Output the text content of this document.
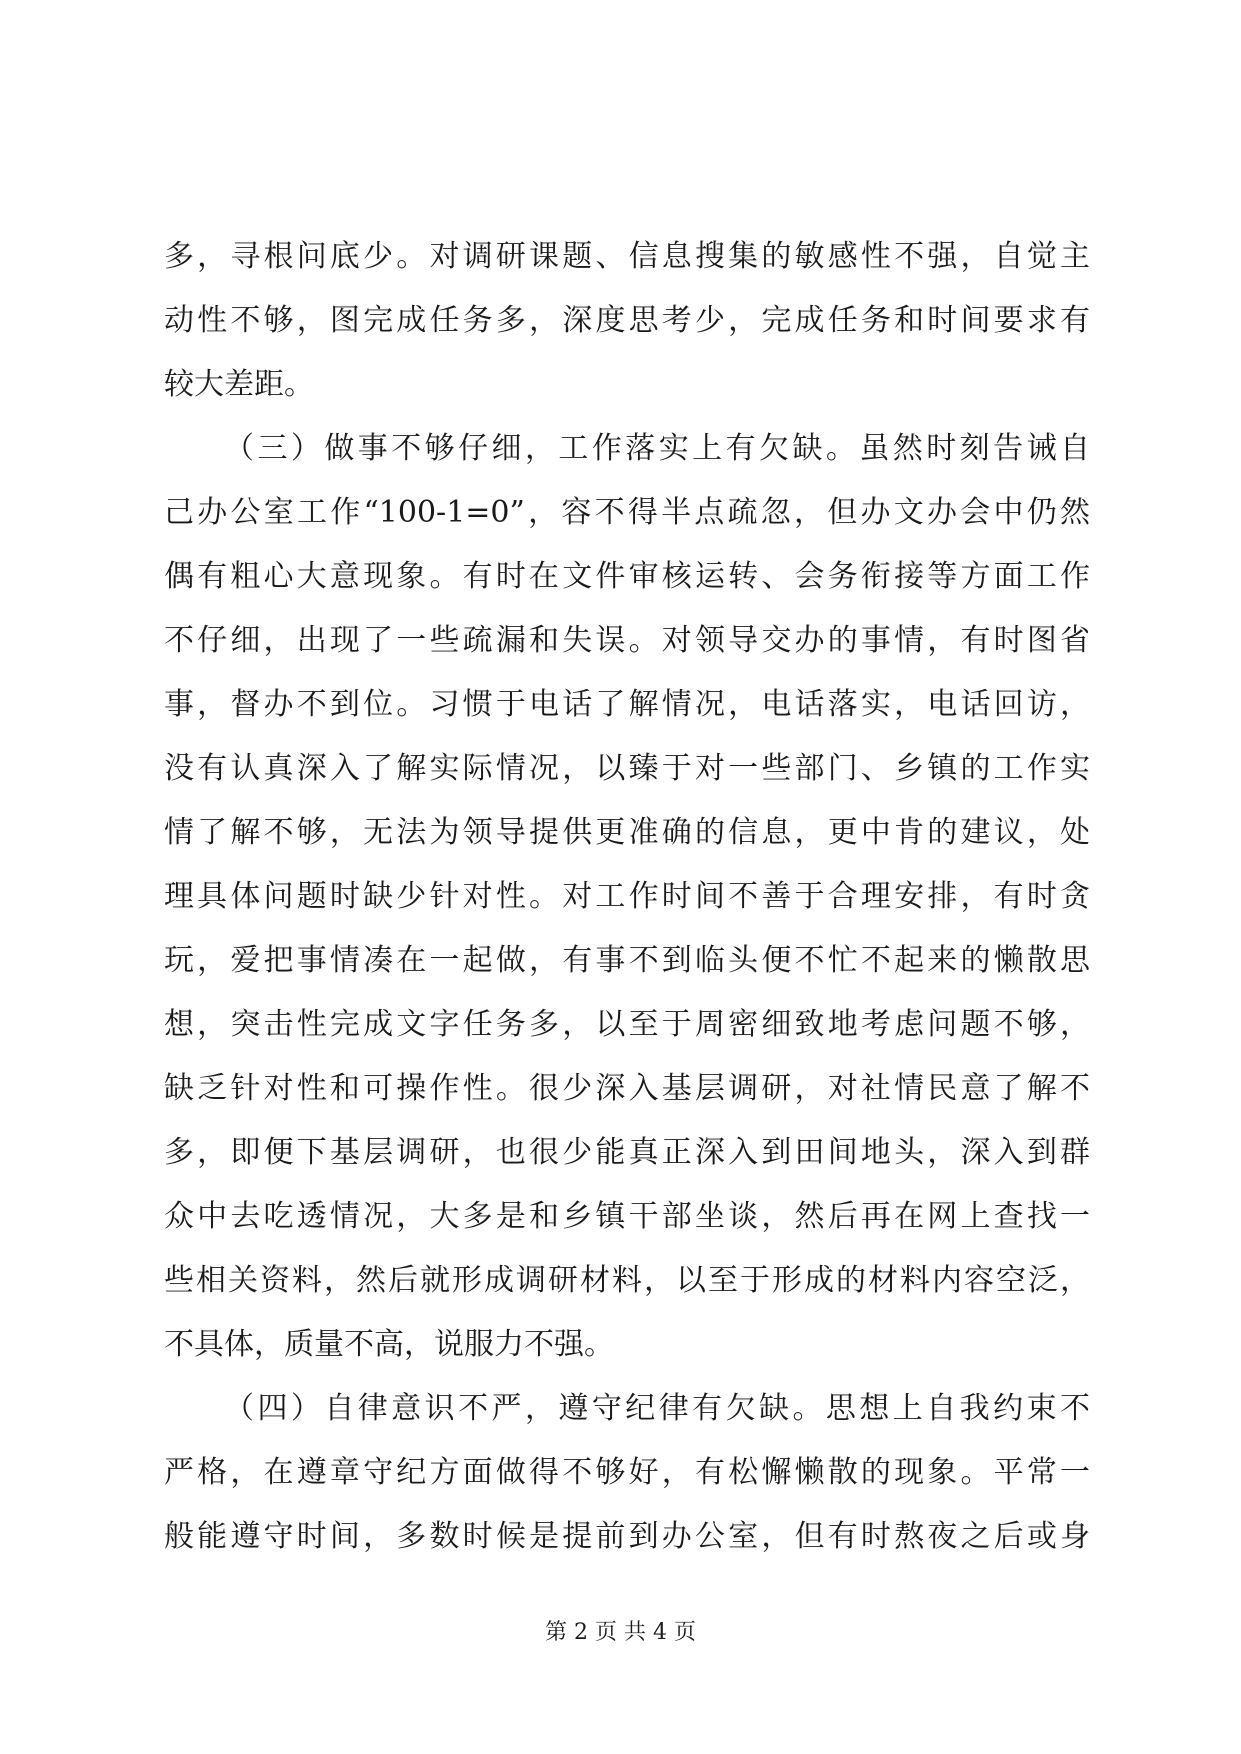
多，寻根问底少。对调研课题、信息搜集的敏感性不强，自觉主
动性不够，图完成任务多，深度思考少，完成任务和时间要求有
较大差距。
（三）做事不够仔细，工作落实上有欠缺。虽然时刻告诫自
己办公室工作“100-1=0”，容不得半点疏忽，但办文办会中仍然
偶有粗心大意现象。有时在文件审核运转、会务衔接等方面工作
不仔细，出现了一些疏漏和失误。对领导交办的事情，有时图省
事，督办不到位。习惯于电话了解情况，电话落实，电话回访，
没有认真深入了解实际情况，以臻于对一些部门、乡镇的工作实
情了解不够，无法为领导提供更准确的信息，更中肯的建议，处
理具体问题时缺少针对性。对工作时间不善于合理安排，有时贪
玩，爱把事情凑在一起做，有事不到临头便不忙不起来的懒散思
想，突击性完成文字任务多，以至于周密细致地考虑问题不够，
缺乏针对性和可操作性。很少深入基层调研，对社情民意了解不
多，即便下基层调研，也很少能真正深入到田间地头，深入到群
众中去吃透情况，大多是和乡镇干部坐谈，然后再在网上查找一
些相关资料，然后就形成调研材料，以至于形成的材料内容空泛，
不具体，质量不高，说服力不强。
（四）自律意识不严，遵守纪律有欠缺。思想上自我约束不
严格，在遵章守纪方面做得不够好，有松懈懒散的现象。平常一
般能遵守时间，多数时候是提前到办公室，但有时熬夜之后或身
第 2 页 共 4 页
